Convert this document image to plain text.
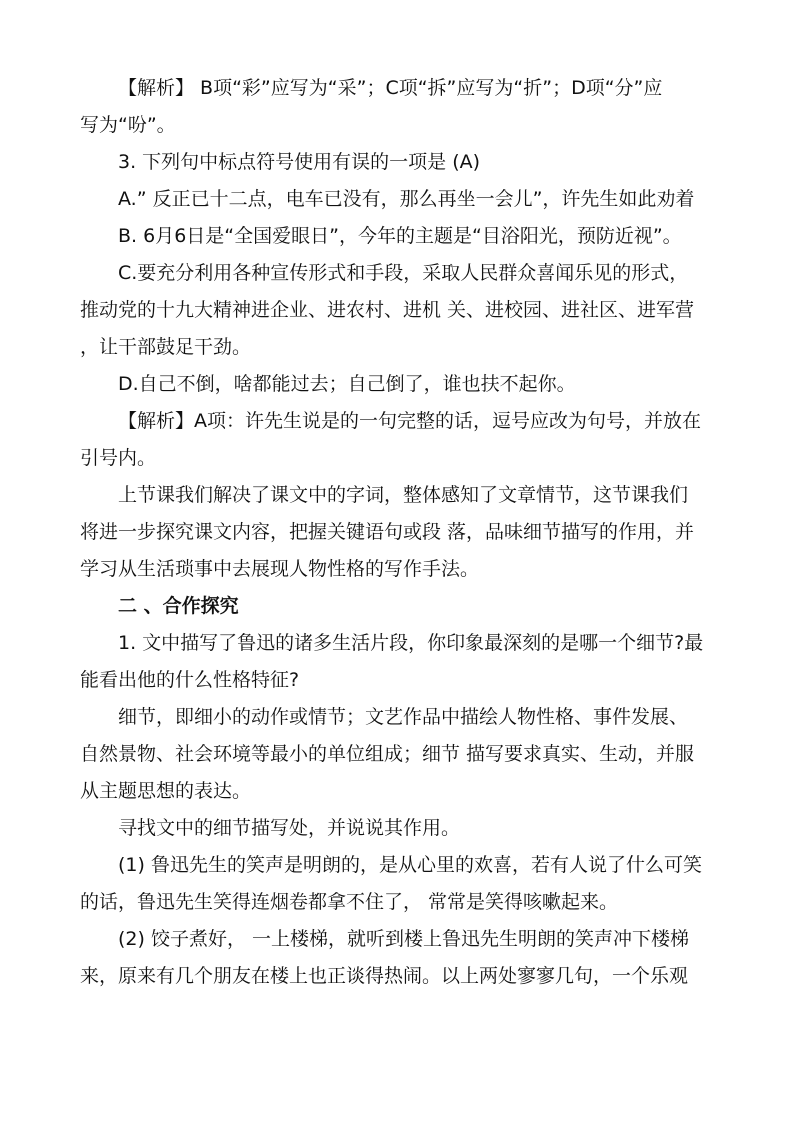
【解析】 B项“彩”应写为“采”；C项“拆”应写为“折”；D项“分”应

写为“吩”。

3. 下列句中标点符号使用有误的一项是 (A)

A.” 反正已十二点，电车已没有，那么再坐一会儿”，许先生如此劝着

B. 6月6日是“全国爱眼日”，今年的主题是“目浴阳光，预防近视”。

C.要充分利用各种宣传形式和手段，采取人民群众喜闻乐见的形式，

推动党的十九大精神进企业、进农村、进机 关、进校园、进社区、进军营

，让干部鼓足干劲。

D.自己不倒，啥都能过去；自己倒了，谁也扶不起你。

【解析】A项：许先生说是的一句完整的话，逗号应改为句号，并放在

引号内。

上节课我们解决了课文中的字词，整体感知了文章情节，这节课我们

将进一步探究课文内容，把握关键语句或段 落，品味细节描写的作用，并

学习从生活琐事中去展现人物性格的写作手法。

二 、合作探究

1. 文中描写了鲁迅的诸多生活片段，你印象最深刻的是哪一个细节?最

能看出他的什么性格特征?

细节，即细小的动作或情节；文艺作品中描绘人物性格、事件发展、

自然景物、社会环境等最小的单位组成；细节 描写要求真实、生动，并服

从主题思想的表达。

寻找文中的细节描写处，并说说其作用。

(1) 鲁迅先生的笑声是明朗的，是从心里的欢喜，若有人说了什么可笑

的话，鲁迅先生笑得连烟卷都拿不住了， 常常是笑得咳嗽起来。

(2) 饺子煮好， 一上楼梯，就听到楼上鲁迅先生明朗的笑声冲下楼梯

来，原来有几个朋友在楼上也正谈得热闹。以上两处寥寥几句，一个乐观
